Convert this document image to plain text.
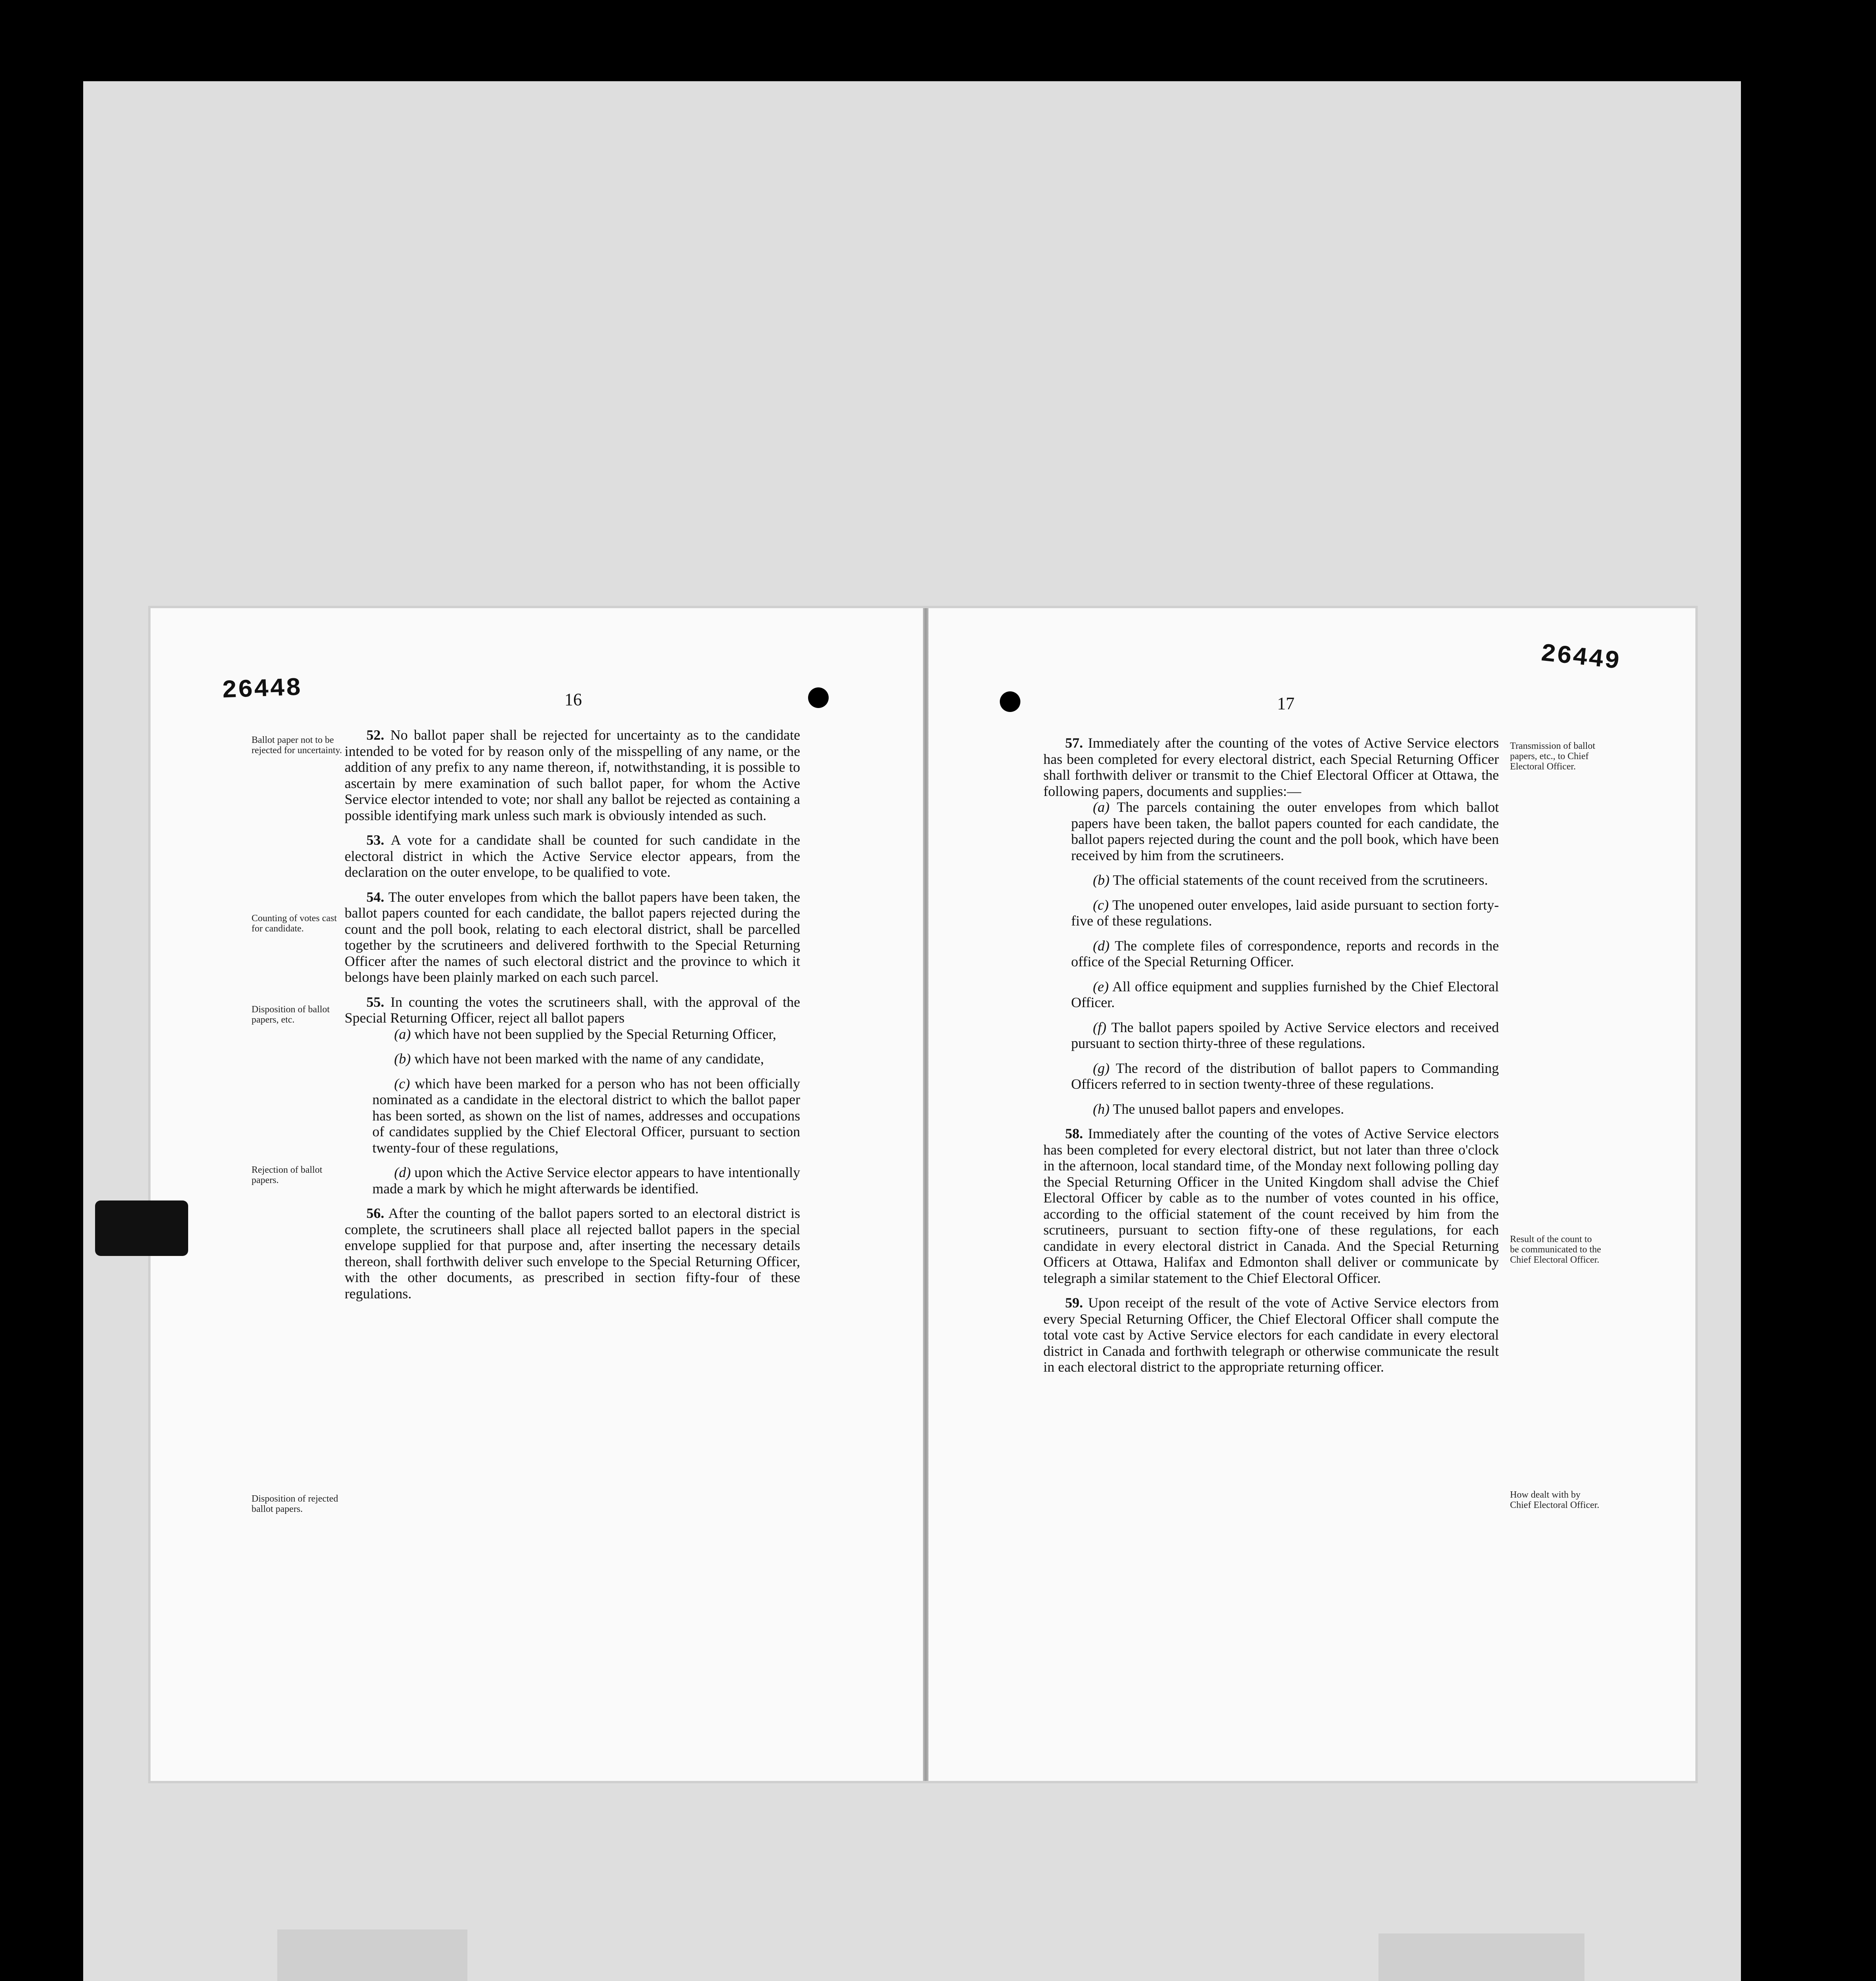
26448	16
Ballot paper not to be rejected for uncertainty.
Counting of votes cast for candidate.
Disposition of ballot papers, etc.
Rejection of ballot papers.
Disposition of rejected ballot papers.

52. No ballot paper shall be rejected for uncertainty as to the candidate intended to be voted for by reason only of the misspelling of any name, or the addition of any prefix to any name thereon, if, notwithstanding, it is possible to ascertain by mere examination of such ballot paper, for whom the Active Service elector intended to vote; nor shall any ballot be rejected as containing a possible identifying mark unless such mark is obviously intended as such.

53. A vote for a candidate shall be counted for such candidate in the electoral district in which the Active Service elector appears, from the declaration on the outer envelope, to be qualified to vote.

54. The outer envelopes from which the ballot papers have been taken, the ballot papers counted for each candidate, the ballot papers rejected during the count and the poll book, relating to each electoral district, shall be parcelled together by the scrutineers and delivered forthwith to the Special Returning Officer after the names of such electoral district and the province to which it belongs have been plainly marked on each such parcel.

55. In counting the votes the scrutineers shall, with the approval of the Special Returning Officer, reject all ballot papers

(a) which have not been supplied by the Special Returning Officer,

(b) which have not been marked with the name of any candidate,

(c) which have been marked for a person who has not been officially nominated as a candidate in the electoral district to which the ballot paper has been sorted, as shown on the list of names, addresses and occupations of candidates supplied by the Chief Electoral Officer, pursuant to section twenty-four of these regulations,

(d) upon which the Active Service elector appears to have intentionally made a mark by which he might afterwards be identified.

56. After the counting of the ballot papers sorted to an electoral district is complete, the scrutineers shall place all rejected ballot papers in the special envelope supplied for that purpose and, after inserting the necessary details thereon, shall forthwith deliver such envelope to the Special Returning Officer, with the other documents, as prescribed in section fifty-four of these regulations.

26449
17
Transmission of ballot papers, etc., to Chief Electoral Officer.
Result of the count to be communicated to the Chief Electoral Officer.
How dealt with by Chief Electoral Officer.

57. Immediately after the counting of the votes of Active Service electors has been completed for every electoral district, each Special Returning Officer shall forthwith deliver or transmit to the Chief Electoral Officer at Ottawa, the following papers, documents and supplies:—

(a) The parcels containing the outer envelopes from which ballot papers have been taken, the ballot papers counted for each candidate, the ballot papers rejected during the count and the poll book, which have been received by him from the scrutineers.

(b) The official statements of the count received from the scrutineers.

(c) The unopened outer envelopes, laid aside pursuant to section forty-five of these regulations.

(d) The complete files of correspondence, reports and records in the office of the Special Returning Officer.

(e) All office equipment and supplies furnished by the Chief Electoral Officer.

(f) The ballot papers spoiled by Active Service electors and received pursuant to section thirty-three of these regulations.

(g) The record of the distribution of ballot papers to Commanding Officers referred to in section twenty-three of these regulations.

(h) The unused ballot papers and envelopes.

58. Immediately after the counting of the votes of Active Service electors has been completed for every electoral district, but not later than three o'clock in the afternoon, local standard time, of the Monday next following polling day the Special Returning Officer in the United Kingdom shall advise the Chief Electoral Officer by cable as to the number of votes counted in his office, according to the official statement of the count received by him from the scrutineers, pursuant to section fifty-one of these regulations, for each candidate in every electoral district in Canada. And the Special Returning Officers at Ottawa, Halifax and Edmonton shall deliver or communicate by telegraph a similar statement to the Chief Electoral Officer.

59. Upon receipt of the result of the vote of Active Service electors from every Special Returning Officer, the Chief Electoral Officer shall compute the total vote cast by Active Service electors for each candidate in every electoral district in Canada and forthwith telegraph or otherwise communicate the result in each electoral district to the appropriate returning officer.
